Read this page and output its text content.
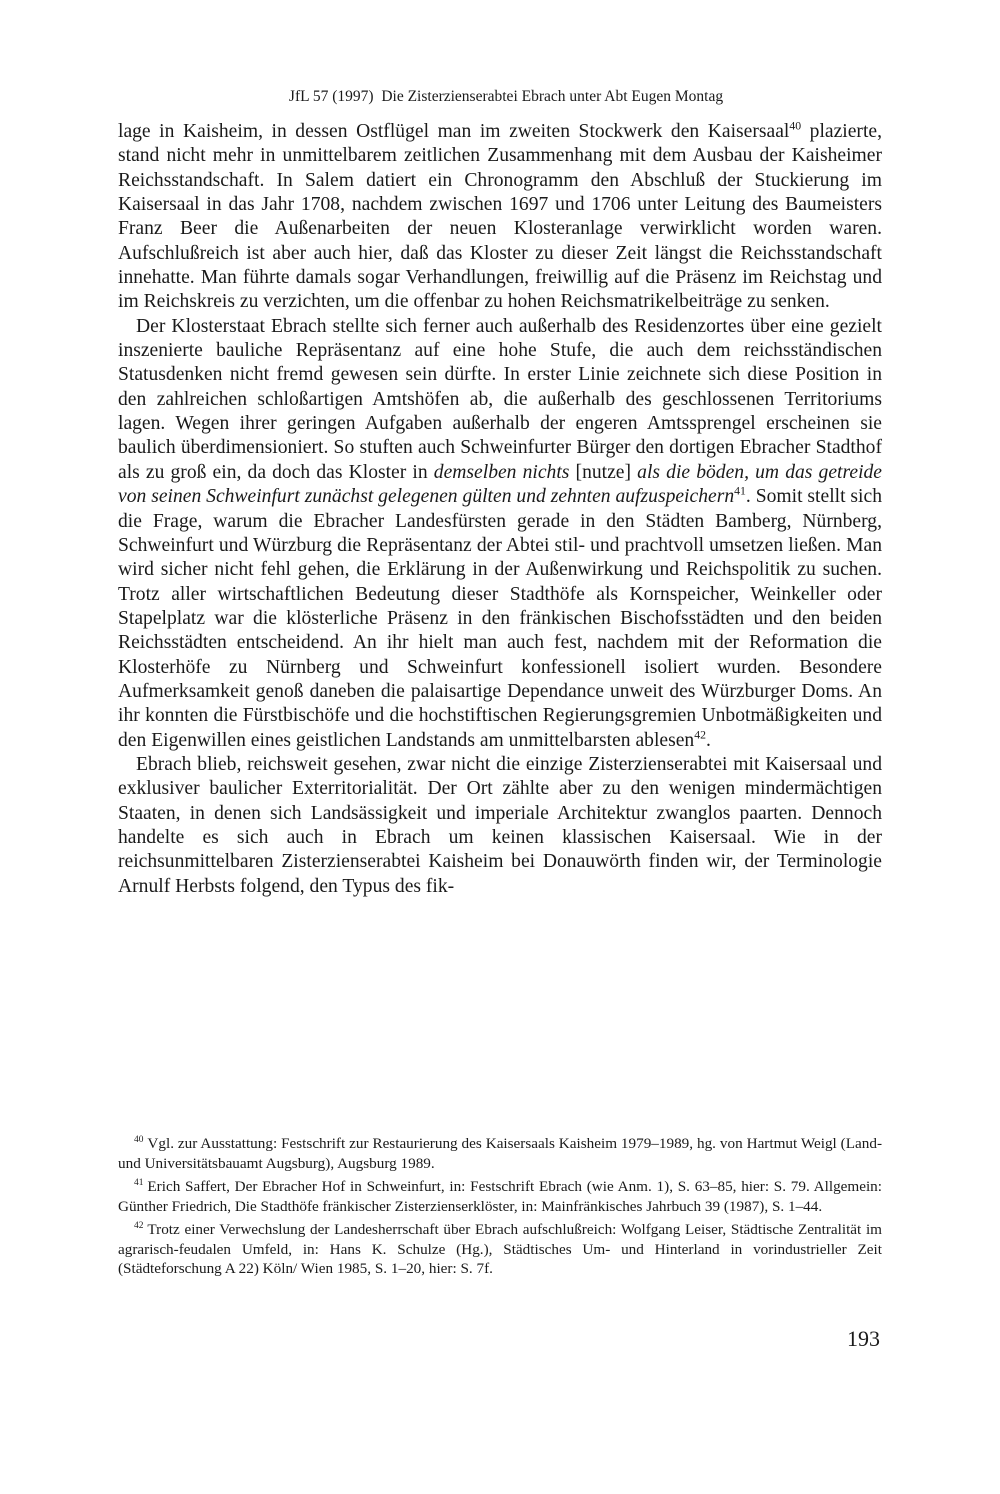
JfL 57 (1997) Die Zisterzienserabtei Ebrach unter Abt Eugen Montag

lage in Kaisheim, in dessen Ostflügel man im zweiten Stockwerk den Kaisersaal$^{40}$ plazierte, stand nicht mehr in unmittelbarem zeitlichen Zusammenhang mit dem Ausbau der Kaisheimer Reichsstandschaft. In Salem datiert ein Chronogramm den Abschluß der Stuckierung im Kaisersaal in das Jahr 1708, nachdem zwischen 1697 und 1706 unter Leitung des Baumeisters Franz Beer die Außenarbeiten der neuen Klosteranlage verwirklicht worden waren. Aufschlußreich ist aber auch hier, daß das Kloster zu dieser Zeit längst die Reichsstandschaft innehatte. Man führte damals sogar Verhandlungen, freiwillig auf die Präsenz im Reichstag und im Reichskreis zu verzichten, um die offenbar zu hohen Reichsmatrikelbeiträge zu senken.

Der Klosterstaat Ebrach stellte sich ferner auch außerhalb des Residenzortes über eine gezielt inszenierte bauliche Repräsentanz auf eine hohe Stufe, die auch dem reichsständischen Statusdenken nicht fremd gewesen sein dürfte. In erster Linie zeichnete sich diese Position in den zahlreichen schloßartigen Amtshöfen ab, die außerhalb des geschlossenen Territoriums lagen. Wegen ihrer geringen Aufgaben außerhalb der engeren Amtssprengel erscheinen sie baulich überdimensioniert. So stuften auch Schweinfurter Bürger den dortigen Ebracher Stadthof als zu groß ein, da doch das Kloster in demselben nichts [nutze] als die böden, um das getreide von seinen Schweinfurt zunächst gelegenen gülten und zehnten aufzuspeichern$^{41}$. Somit stellt sich die Frage, warum die Ebracher Landesfürsten gerade in den Städten Bamberg, Nürnberg, Schweinfurt und Würzburg die Repräsentanz der Abtei stil- und prachtvoll umsetzen ließen. Man wird sicher nicht fehl gehen, die Erklärung in der Außenwirkung und Reichspolitik zu suchen. Trotz aller wirtschaftlichen Bedeutung dieser Stadthöfe als Kornspeicher, Weinkeller oder Stapelplatz war die klösterliche Präsenz in den fränkischen Bischofsstädten und den beiden Reichsstädten entscheidend. An ihr hielt man auch fest, nachdem mit der Reformation die Klosterhöfe zu Nürnberg und Schweinfurt konfessionell isoliert wurden. Besondere Aufmerksamkeit genoß daneben die palaisartige Dependance unweit des Würzburger Doms. An ihr konnten die Fürstbischöfe und die hochstiftischen Regierungsgremien Unbotmäßigkeiten und den Eigenwillen eines geistlichen Landstands am unmittelbarsten ablesen$^{42}$.

Ebrach blieb, reichsweit gesehen, zwar nicht die einzige Zisterzienserabtei mit Kaisersaal und exklusiver baulicher Exterritorialität. Der Ort zählte aber zu den wenigen mindermächtigen Staaten, in denen sich Landsässigkeit und imperiale Architektur zwanglos paarten. Dennoch handelte es sich auch in Ebrach um keinen klassischen Kaisersaal. Wie in der reichsunmittelbaren Zisterzienserabtei Kaisheim bei Donauwörth finden wir, der Terminologie Arnulf Herbsts folgend, den Typus des fik-

$^{40}$ Vgl. zur Ausstattung: Festschrift zur Restaurierung des Kaisersaals Kaisheim 1979–1989, hg. von Hartmut Weigl (Land- und Universitätsbauamt Augsburg), Augsburg 1989.

$^{41}$ Erich Saffert, Der Ebracher Hof in Schweinfurt, in: Festschrift Ebrach (wie Anm. 1), S. 63–85, hier: S. 79. Allgemein: Günther Friedrich, Die Stadthöfe fränkischer Zisterzienserklöster, in: Mainfränkisches Jahrbuch 39 (1987), S. 1–44.

$^{42}$ Trotz einer Verwechslung der Landesherrschaft über Ebrach aufschlußreich: Wolfgang Leiser, Städtische Zentralität im agrarisch-feudalen Umfeld, in: Hans K. Schulze (Hg.), Städtisches Um- und Hinterland in vorindustrieller Zeit (Städteforschung A 22) Köln/ Wien 1985, S. 1–20, hier: S. 7f.

193
